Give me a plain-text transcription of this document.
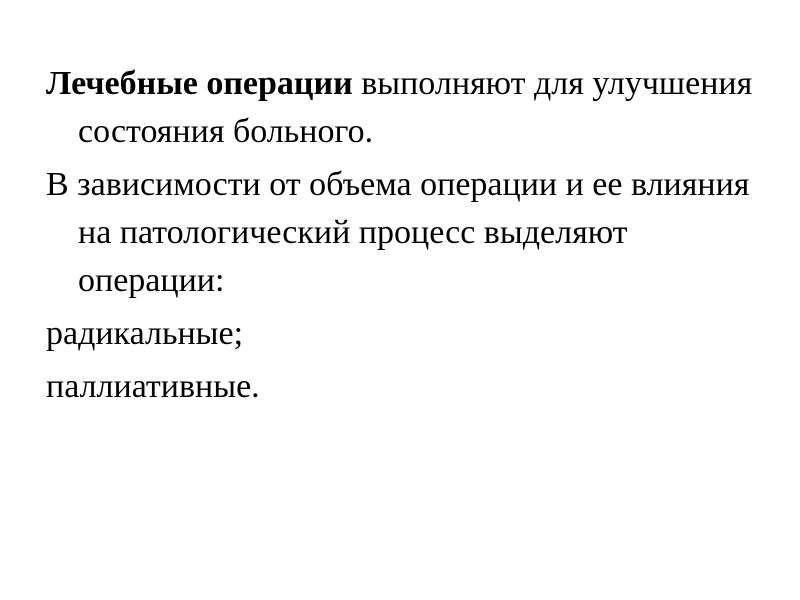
Лечебные операции выполняют для улучшения состояния больного.

В зависимости от объема операции и ее влияния на патологический процесс выделяют операции:

радикальные;

паллиативные.
